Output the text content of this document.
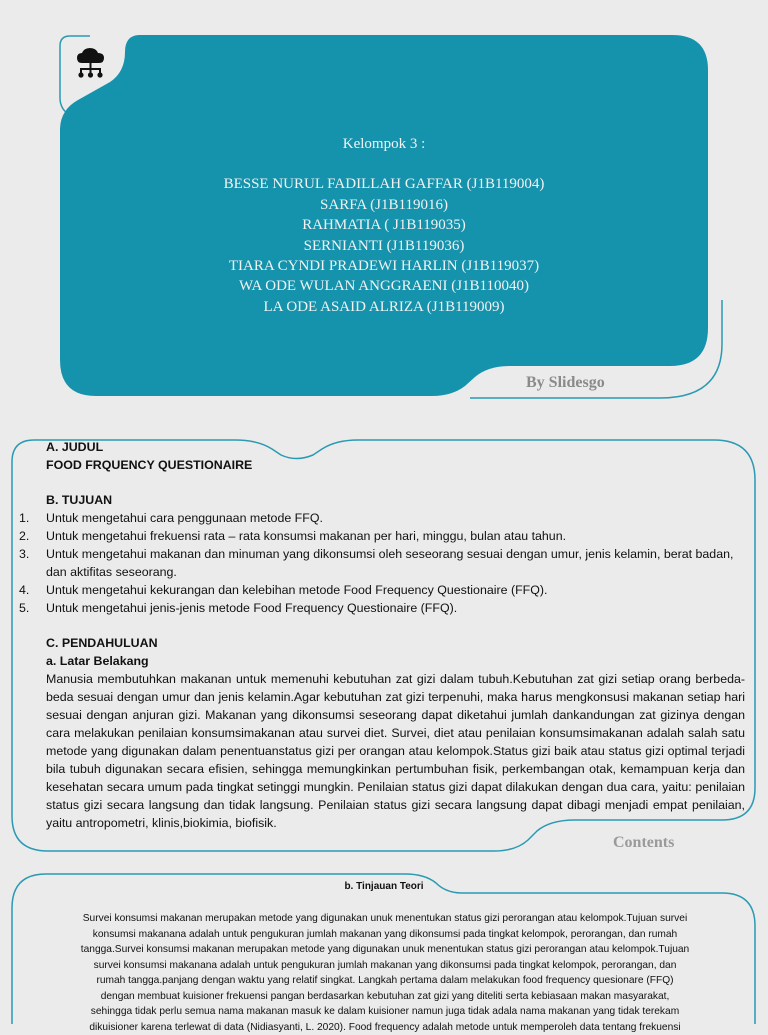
Kelompok 3 :
BESSE NURUL FADILLAH GAFFAR (J1B119004)
SARFA (J1B119016)
RAHMATIA ( J1B119035)
SERNIANTI (J1B119036)
TIARA CYNDI PRADEWI HARLIN (J1B119037)
WA ODE WULAN ANGGRAENI (J1B110040)
LA ODE ASAID ALRIZA (J1B119009)
By Slidesgo
A. JUDUL
FOOD FRQUENCY QUESTIONAIRE
B. TUJUAN
1. Untuk mengetahui cara penggunaan metode FFQ.
2. Untuk mengetahui frekuensi rata – rata konsumsi makanan per hari, minggu, bulan atau tahun.
3. Untuk mengetahui makanan dan minuman yang dikonsumsi oleh seseorang sesuai dengan umur, jenis kelamin, berat badan, dan aktifitas seseorang.
4. Untuk mengetahui kekurangan dan kelebihan metode Food Frequency Questionaire (FFQ).
5. Untuk mengetahui jenis-jenis metode Food Frequency Questionaire (FFQ).
C. PENDAHULUAN
a. Latar Belakang
Manusia membutuhkan makanan untuk memenuhi kebutuhan zat gizi dalam tubuh.Kebutuhan zat gizi setiap orang berbeda-beda sesuai dengan umur dan jenis kelamin.Agar kebutuhan zat gizi terpenuhi, maka harus mengkonsusi makanan setiap hari sesuai dengan anjuran gizi. Makanan yang dikonsumsi seseorang dapat diketahui jumlah dankandungan zat gizinya dengan cara melakukan penilaian konsumsimakanan atau survei diet. Survei, diet atau penilaian konsumsimakanan adalah salah satu metode yang digunakan dalam penentuanstatus gizi per orangan atau kelompok.Status gizi baik atau status gizi optimal terjadi bila tubuh digunakan secara efisien, sehingga memungkinkan pertumbuhan fisik, perkembangan otak, kemampuan kerja dan kesehatan secara umum pada tingkat setinggi mungkin. Penilaian status gizi dapat dilakukan dengan dua cara, yaitu: penilaian status gizi secara langsung dan tidak langsung. Penilaian status gizi secara langsung dapat dibagi menjadi empat penilaian, yaitu antropometri, klinis,biokimia, biofisik.
Contents
b. Tinjauan Teori
Survei konsumsi makanan merupakan metode yang digunakan unuk menentukan status gizi perorangan atau kelompok.Tujuan survei
konsumsi makanana adalah untuk pengukuran jumlah makanan yang dikonsumsi pada tingkat kelompok, perorangan, dan rumah
tangga.Survei konsumsi makanan merupakan metode yang digunakan unuk menentukan status gizi perorangan atau kelompok.Tujuan
survei konsumsi makanana adalah untuk pengukuran jumlah makanan yang dikonsumsi pada tingkat kelompok, perorangan, dan
rumah tangga.panjang dengan waktu yang relatif singkat. Langkah pertama dalam melakukan food frequency quesionare (FFQ)
dengan membuat kuisioner frekuensi pangan berdasarkan kebutuhan zat gizi yang diteliti serta kebiasaan makan masyarakat,
sehingga tidak perlu semua nama makanan masuk ke dalam kuisioner namun juga tidak adala nama makanan yang tidak terekam
dikuisioner karena terlewat di data (Nidiasyanti, L. 2020). Food frequency adalah metode untuk memperoleh data tentang frekuensi
